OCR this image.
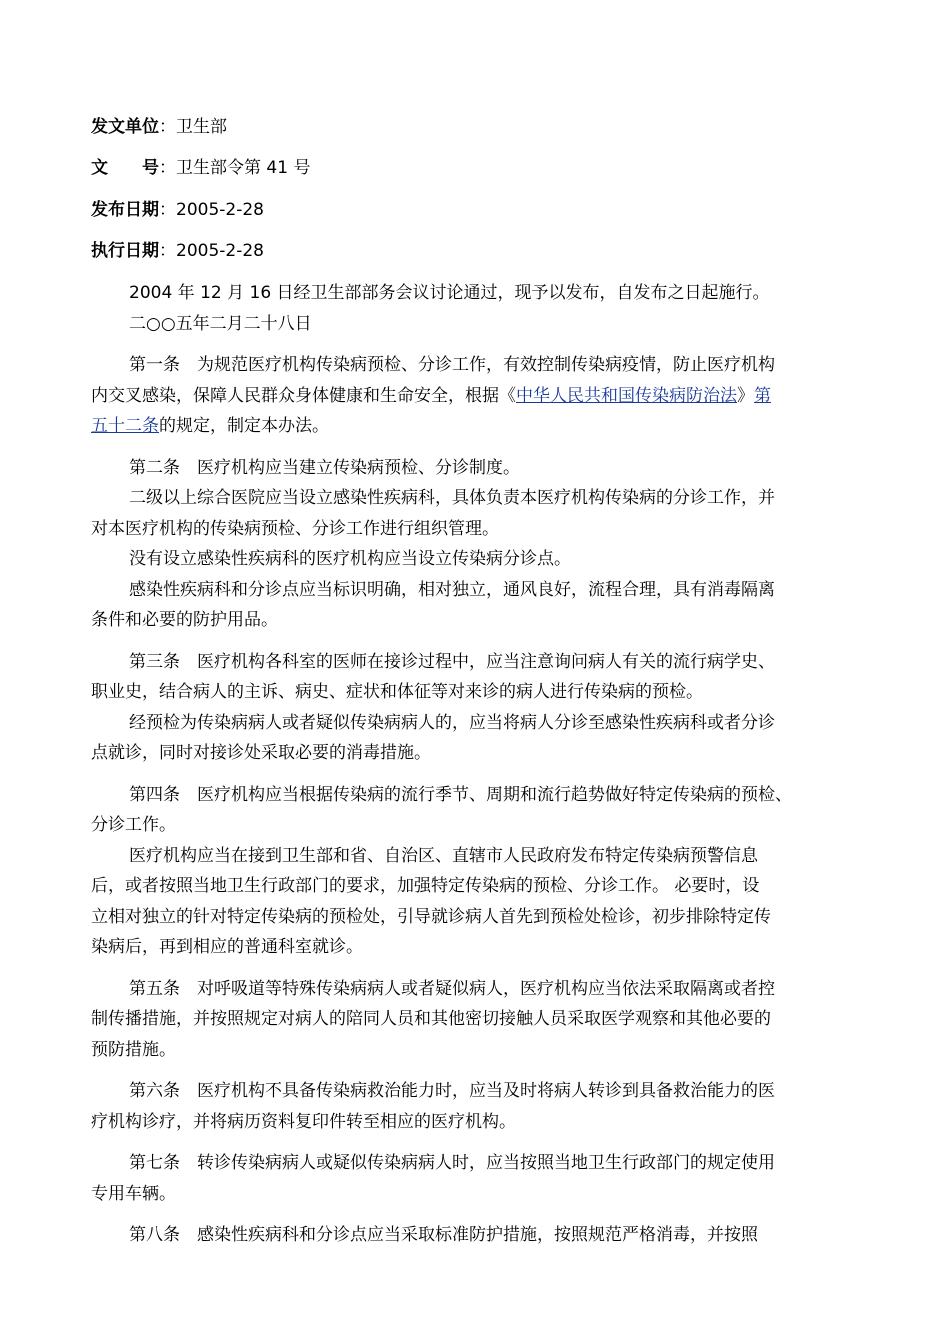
发文单位：卫生部
文　　号：卫生部令第 41 号
发布日期：2005-2-28
执行日期：2005-2-28
2004 年 12 月 16 日经卫生部部务会议讨论通过，现予以发布，自发布之日起施行。
二○○五年二月二十八日
第一条　为规范医疗机构传染病预检、分诊工作，有效控制传染病疫情，防止医疗机构
内交叉感染，保障人民群众身体健康和生命安全，根据《中华人民共和国传染病防治法》第
五十二条的规定，制定本办法。
第二条　医疗机构应当建立传染病预检、分诊制度。
二级以上综合医院应当设立感染性疾病科，具体负责本医疗机构传染病的分诊工作，并
对本医疗机构的传染病预检、分诊工作进行组织管理。
没有设立感染性疾病科的医疗机构应当设立传染病分诊点。
感染性疾病科和分诊点应当标识明确，相对独立，通风良好，流程合理，具有消毒隔离
条件和必要的防护用品。
第三条　医疗机构各科室的医师在接诊过程中，应当注意询问病人有关的流行病学史、
职业史，结合病人的主诉、病史、症状和体征等对来诊的病人进行传染病的预检。
经预检为传染病病人或者疑似传染病病人的，应当将病人分诊至感染性疾病科或者分诊
点就诊，同时对接诊处采取必要的消毒措施。
第四条　医疗机构应当根据传染病的流行季节、周期和流行趋势做好特定传染病的预检、
分诊工作。
医疗机构应当在接到卫生部和省、自治区、直辖市人民政府发布特定传染病预警信息
后，或者按照当地卫生行政部门的要求，加强特定传染病的预检、分诊工作。 必要时，设
立相对独立的针对特定传染病的预检处，引导就诊病人首先到预检处检诊，初步排除特定传
染病后，再到相应的普通科室就诊。
第五条　对呼吸道等特殊传染病病人或者疑似病人，医疗机构应当依法采取隔离或者控
制传播措施，并按照规定对病人的陪同人员和其他密切接触人员采取医学观察和其他必要的
预防措施。
第六条　医疗机构不具备传染病救治能力时，应当及时将病人转诊到具备救治能力的医
疗机构诊疗，并将病历资料复印件转至相应的医疗机构。
第七条　转诊传染病病人或疑似传染病病人时，应当按照当地卫生行政部门的规定使用
专用车辆。
第八条　感染性疾病科和分诊点应当采取标准防护措施，按照规范严格消毒，并按照
